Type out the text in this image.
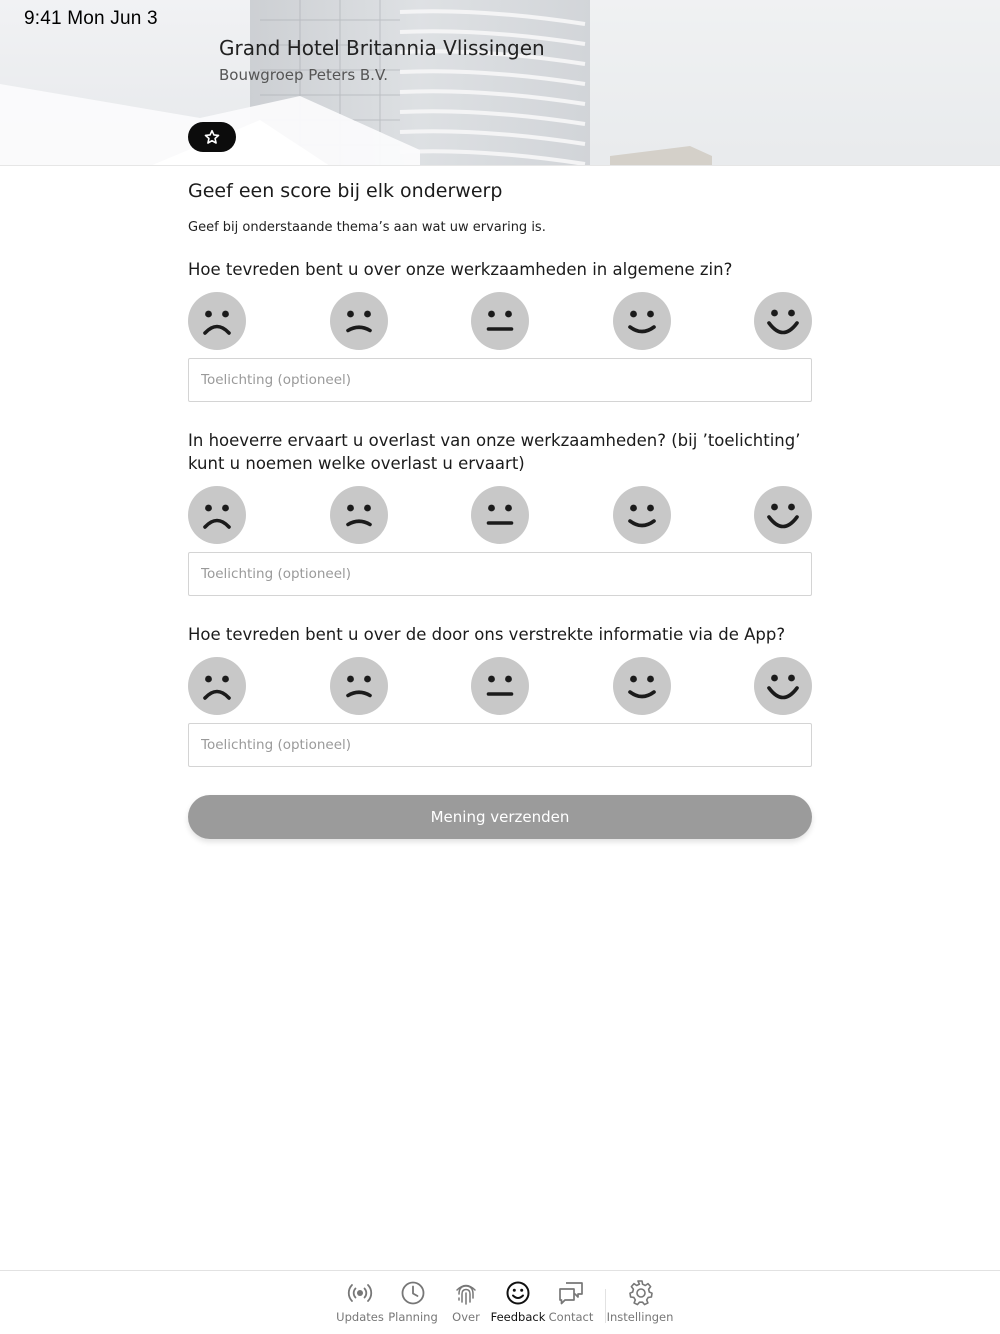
9:41 Mon Jun 3
Grand Hotel Britannia Vlissingen
Bouwgroep Peters B.V.
Geef een score bij elk onderwerp
Geef bij onderstaande thema’s aan wat uw ervaring is.
Hoe tevreden bent u over onze werkzaamheden in algemene zin?
Toelichting (optioneel)
In hoeverre ervaart u overlast van onze werkzaamheden? (bij ’toelichting’ kunt u noemen welke overlast u ervaart)
Toelichting (optioneel)
Hoe tevreden bent u over de door ons verstrekte informatie via de App?
Toelichting (optioneel)
Mening verzenden
Updates Planning Over Feedback Contact Instellingen
